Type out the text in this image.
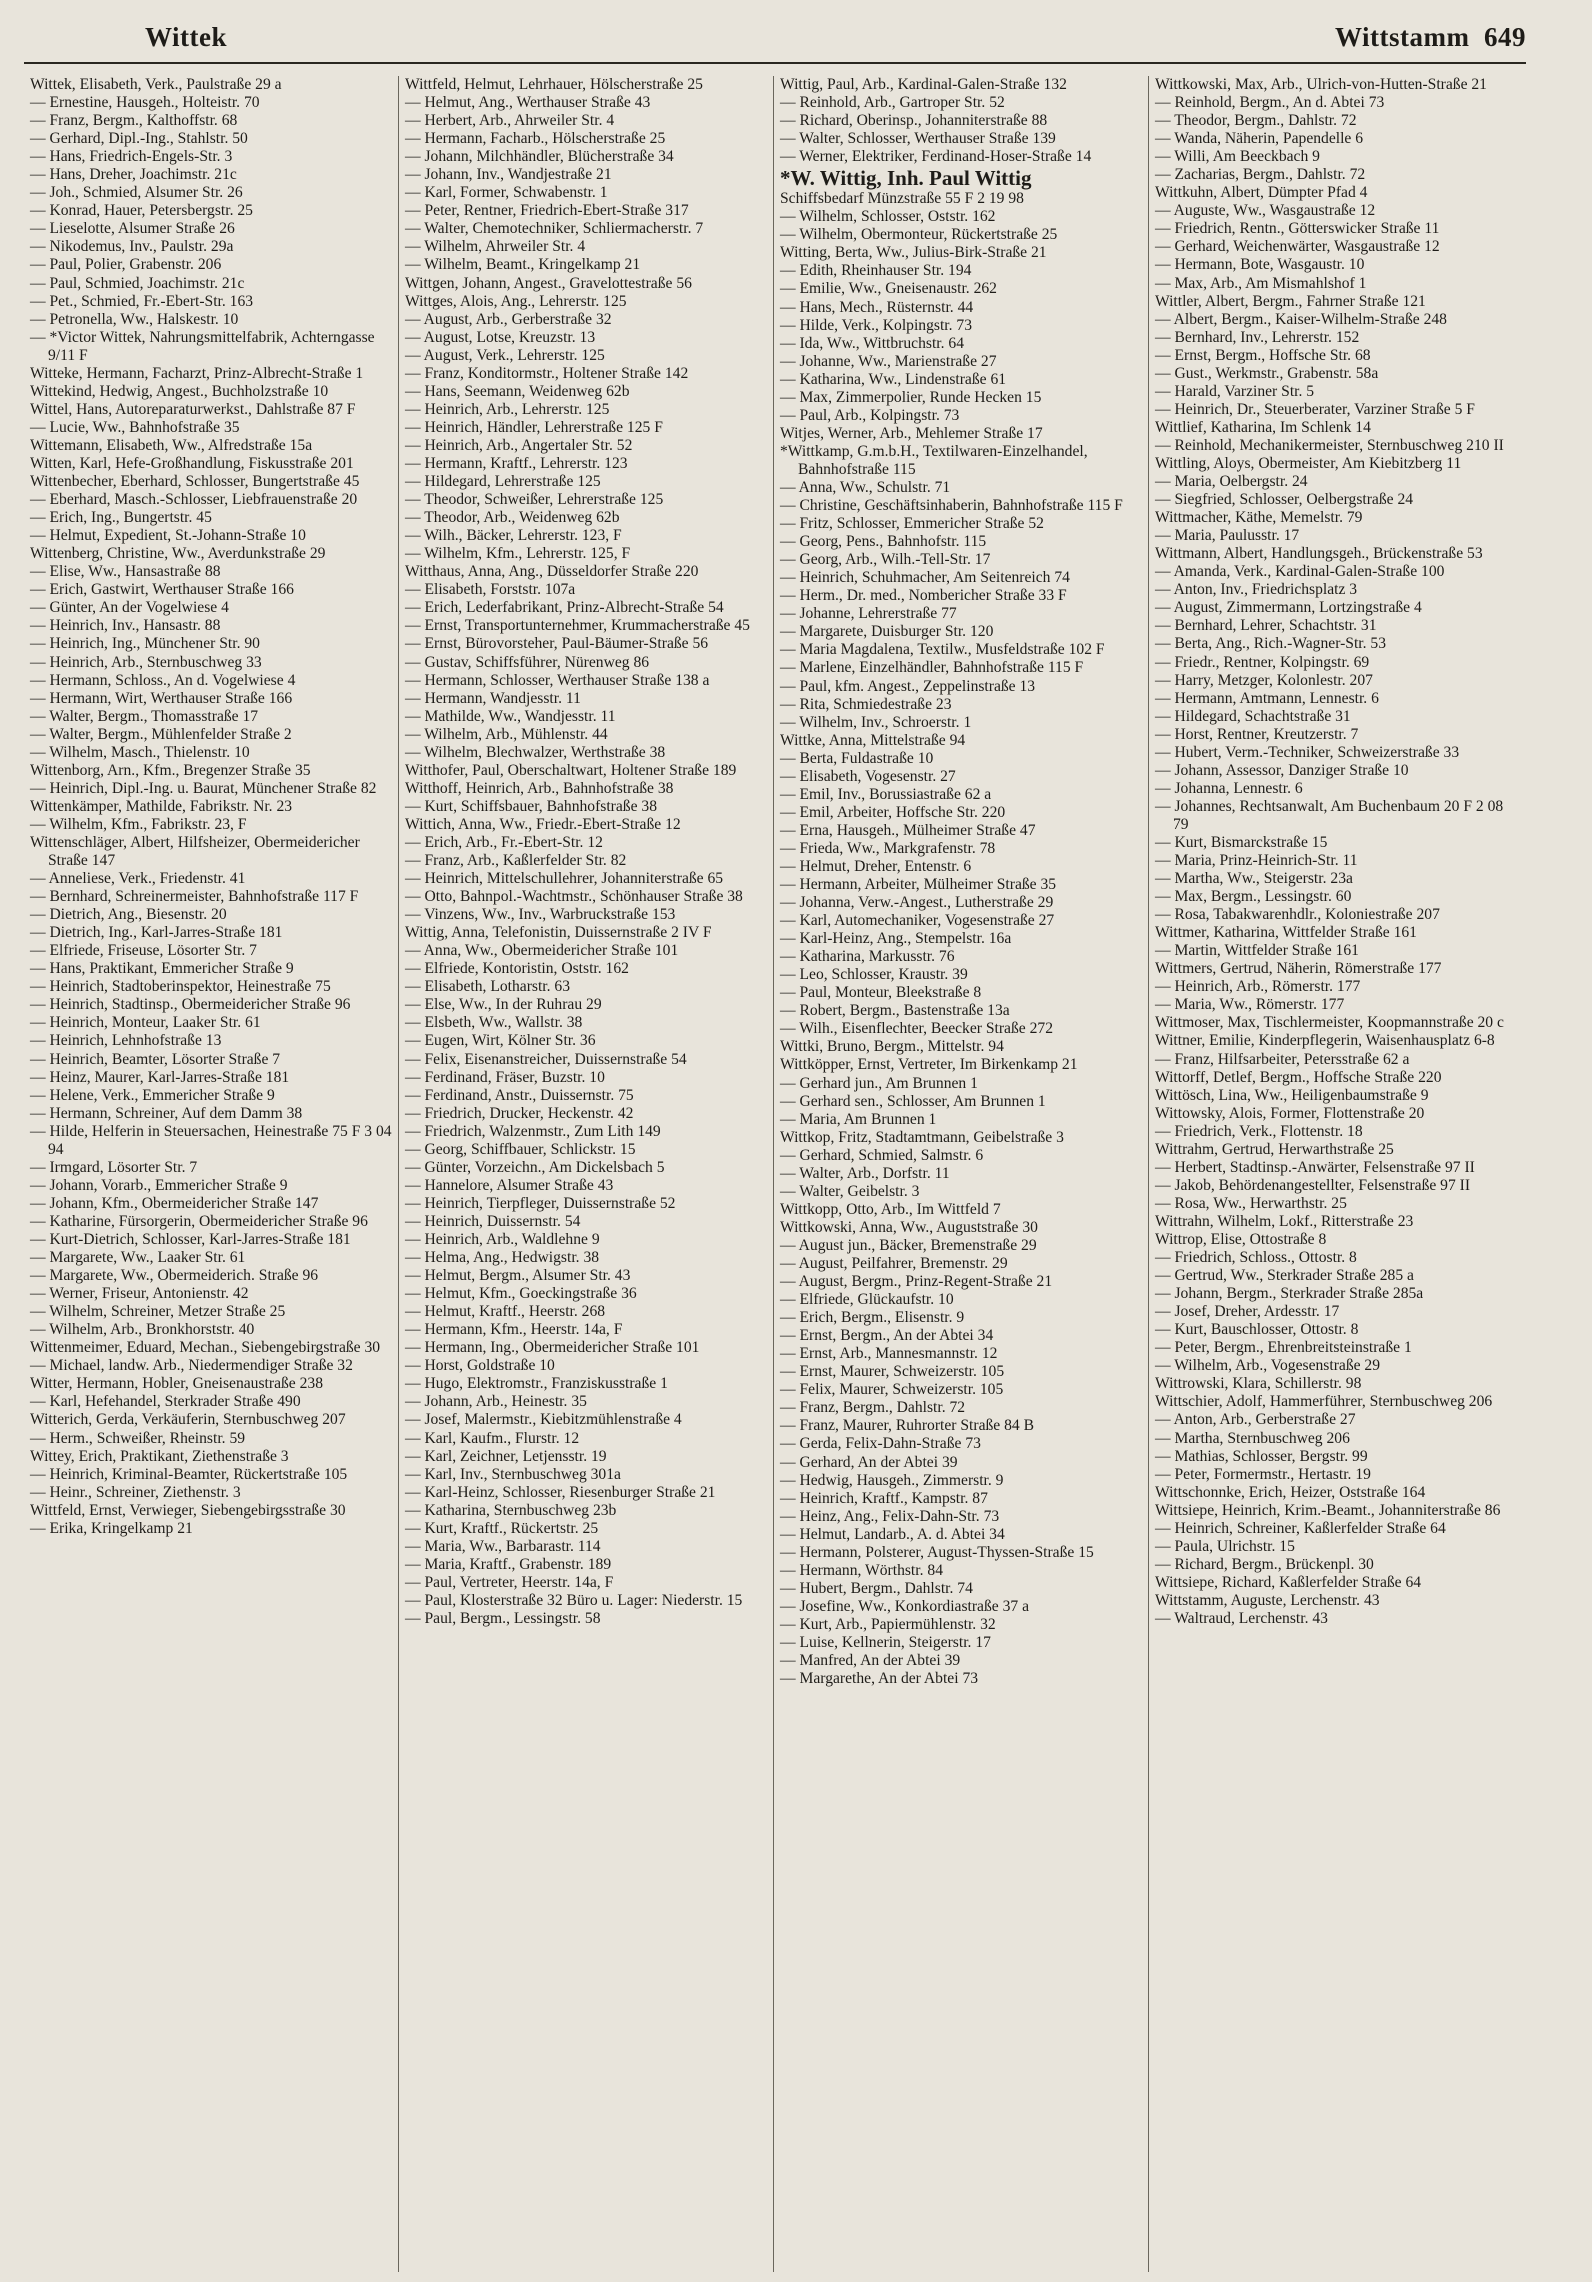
Wittek	Wittstamm 649

Wittek, Elisabeth, Verk., Paulstraße 29 a

— Ernestine, Hausgeh., Holteistr. 70

— Franz, Bergm., Kalthoffstr. 68

— Gerhard, Dipl.-Ing., Stahlstr. 50

— Hans, Friedrich-Engels-Str. 3

— Hans, Dreher, Joachimstr. 21c

— Joh., Schmied, Alsumer Str. 26

— Konrad, Hauer, Petersbergstr. 25

— Lieselotte, Alsumer Straße 26

— Nikodemus, Inv., Paulstr. 29a

— Paul, Polier, Grabenstr. 206

— Paul, Schmied, Joachimstr. 21c

— Pet., Schmied, Fr.-Ebert-Str. 163

— Petronella, Ww., Halskestr. 10

— *Victor Wittek, Nahrungsmittelfabrik, Achterngasse 9/11 F

Witteke, Hermann, Facharzt, Prinz-Albrecht-Straße 1

Wittekind, Hedwig, Angest., Buchholzstraße 10

Wittel, Hans, Autoreparaturwerkst., Dahlstraße 87 F

— Lucie, Ww., Bahnhofstraße 35

Wittemann, Elisabeth, Ww., Alfredstraße 15a

Witten, Karl, Hefe-Großhandlung, Fiskusstraße 201

Wittenbecher, Eberhard, Schlosser, Bungertstraße 45

— Eberhard, Masch.-Schlosser, Liebfrauenstraße 20

— Erich, Ing., Bungertstr. 45

— Helmut, Expedient, St.-Johann-Straße 10

Wittenberg, Christine, Ww., Averdunkstraße 29

— Elise, Ww., Hansastraße 88

— Erich, Gastwirt, Werthauser Straße 166

— Günter, An der Vogelwiese 4

— Heinrich, Inv., Hansastr. 88

— Heinrich, Ing., Münchener Str. 90

— Heinrich, Arb., Sternbuschweg 33

— Hermann, Schloss., An d. Vogelwiese 4

— Hermann, Wirt, Werthauser Straße 166

— Walter, Bergm., Thomasstraße 17

— Walter, Bergm., Mühlenfelder Straße 2

— Wilhelm, Masch., Thielenstr. 10

Wittenborg, Arn., Kfm., Bregenzer Straße 35

— Heinrich, Dipl.-Ing. u. Baurat, Münchener Straße 82

Wittenkämper, Mathilde, Fabrikstr. Nr. 23

— Wilhelm, Kfm., Fabrikstr. 23, F

Wittenschläger, Albert, Hilfsheizer, Obermeidericher Straße 147

— Anneliese, Verk., Friedenstr. 41

— Bernhard, Schreinermeister, Bahnhofstraße 117 F

— Dietrich, Ang., Biesenstr. 20

— Dietrich, Ing., Karl-Jarres-Straße 181

— Elfriede, Friseuse, Lösorter Str. 7

— Hans, Praktikant, Emmericher Straße 9

— Heinrich, Stadtoberinspektor, Heinestraße 75

— Heinrich, Stadtinsp., Obermeidericher Straße 96

— Heinrich, Monteur, Laaker Str. 61

— Heinrich, Lehnhofstraße 13

— Heinrich, Beamter, Lösorter Straße 7

— Heinz, Maurer, Karl-Jarres-Straße 181

— Helene, Verk., Emmericher Straße 9

— Hermann, Schreiner, Auf dem Damm 38

— Hilde, Helferin in Steuersachen, Heinestraße 75 F 3 04 94

— Irmgard, Lösorter Str. 7

— Johann, Vorarb., Emmericher Straße 9

— Johann, Kfm., Obermeidericher Straße 147

— Katharine, Fürsorgerin, Obermeidericher Straße 96

— Kurt-Dietrich, Schlosser, Karl-Jarres-Straße 181

— Margarete, Ww., Laaker Str. 61

— Margarete, Ww., Obermeiderich. Straße 96

— Werner, Friseur, Antonienstr. 42

— Wilhelm, Schreiner, Metzer Straße 25

— Wilhelm, Arb., Bronkhorststr. 40

Wittenmeimer, Eduard, Mechan., Siebengebirgstraße 30

— Michael, landw. Arb., Niedermendiger Straße 32

Witter, Hermann, Hobler, Gneisenaustraße 238

— Karl, Hefehandel, Sterkrader Straße 490

Witterich, Gerda, Verkäuferin, Sternbuschweg 207

— Herm., Schweißer, Rheinstr. 59

Wittey, Erich, Praktikant, Ziethenstraße 3

— Heinrich, Kriminal-Beamter, Rückertstraße 105

— Heinr., Schreiner, Ziethenstr. 3

Wittfeld, Ernst, Verwieger, Siebengebirgsstraße 30

— Erika, Kringelkamp 21

Wittfeld, Helmut, Lehrhauer, Hölscherstraße 25

— Helmut, Ang., Werthauser Straße 43

— Herbert, Arb., Ahrweiler Str. 4

— Hermann, Facharb., Hölscherstraße 25

— Johann, Milchhändler, Blücherstraße 34

— Johann, Inv., Wandjestraße 21

— Karl, Former, Schwabenstr. 1

— Peter, Rentner, Friedrich-Ebert-Straße 317

— Walter, Chemotechniker, Schliermacherstr. 7

— Wilhelm, Ahrweiler Str. 4

— Wilhelm, Beamt., Kringelkamp 21

Wittgen, Johann, Angest., Gravelottestraße 56

Wittges, Alois, Ang., Lehrerstr. 125

— August, Arb., Gerberstraße 32

— August, Lotse, Kreuzstr. 13

— August, Verk., Lehrerstr. 125

— Franz, Konditormstr., Holtener Straße 142

— Hans, Seemann, Weidenweg 62b

— Heinrich, Arb., Lehrerstr. 125

— Heinrich, Händler, Lehrerstraße 125 F

— Heinrich, Arb., Angertaler Str. 52

— Hermann, Kraftf., Lehrerstr. 123

— Hildegard, Lehrerstraße 125

— Theodor, Schweißer, Lehrerstraße 125

— Theodor, Arb., Weidenweg 62b

— Wilh., Bäcker, Lehrerstr. 123, F

— Wilhelm, Kfm., Lehrerstr. 125, F

Witthaus, Anna, Ang., Düsseldorfer Straße 220

— Elisabeth, Forststr. 107a

— Erich, Lederfabrikant, Prinz-Albrecht-Straße 54

— Ernst, Transportunternehmer, Krummacherstraße 45

— Ernst, Bürovorsteher, Paul-Bäumer-Straße 56

— Gustav, Schiffsführer, Nürenweg 86

— Hermann, Schlosser, Werthauser Straße 138 a

— Hermann, Wandjesstr. 11

— Mathilde, Ww., Wandjesstr. 11

— Wilhelm, Arb., Mühlenstr. 44

— Wilhelm, Blechwalzer, Werthstraße 38

Witthofer, Paul, Oberschaltwart, Holtener Straße 189

Witthoff, Heinrich, Arb., Bahnhofstraße 38

— Kurt, Schiffsbauer, Bahnhofstraße 38

Wittich, Anna, Ww., Friedr.-Ebert-Straße 12

— Erich, Arb., Fr.-Ebert-Str. 12

— Franz, Arb., Kaßlerfelder Str. 82

— Heinrich, Mittelschullehrer, Johanniterstraße 65

— Otto, Bahnpol.-Wachtmstr., Schönhauser Straße 38

— Vinzens, Ww., Inv., Warbruckstraße 153

Wittig, Anna, Telefonistin, Duissernstraße 2 IV F

— Anna, Ww., Obermeidericher Straße 101

— Elfriede, Kontoristin, Oststr. 162

— Elisabeth, Lotharstr. 63

— Else, Ww., In der Ruhrau 29

— Elsbeth, Ww., Wallstr. 38

— Eugen, Wirt, Kölner Str. 36

— Felix, Eisenanstreicher, Duissernstraße 54

— Ferdinand, Fräser, Buzstr. 10

— Ferdinand, Anstr., Duissernstr. 75

— Friedrich, Drucker, Heckenstr. 42

— Friedrich, Walzenmstr., Zum Lith 149

— Georg, Schiffbauer, Schlickstr. 15

— Günter, Vorzeichn., Am Dickelsbach 5

— Hannelore, Alsumer Straße 43

— Heinrich, Tierpfleger, Duissernstraße 52

— Heinrich, Duissernstr. 54

— Heinrich, Arb., Waldlehne 9

— Helma, Ang., Hedwigstr. 38

— Helmut, Bergm., Alsumer Str. 43

— Helmut, Kfm., Goeckingstraße 36

— Helmut, Kraftf., Heerstr. 268

— Hermann, Kfm., Heerstr. 14a, F

— Hermann, Ing., Obermeidericher Straße 101

— Horst, Goldstraße 10

— Hugo, Elektromstr., Franziskusstraße 1

— Johann, Arb., Heinestr. 35

— Josef, Malermstr., Kiebitzmühlenstraße 4

— Karl, Kaufm., Flurstr. 12

— Karl, Zeichner, Letjensstr. 19

— Karl, Inv., Sternbuschweg 301a

— Karl-Heinz, Schlosser, Riesenburger Straße 21

— Katharina, Sternbuschweg 23b

— Kurt, Kraftf., Rückertstr. 25

— Maria, Ww., Barbarastr. 114

— Maria, Kraftf., Grabenstr. 189

— Paul, Vertreter, Heerstr. 14a, F

— Paul, Klosterstraße 32 Büro u. Lager: Niederstr. 15

— Paul, Bergm., Lessingstr. 58

Wittig, Paul, Arb., Kardinal-Galen-Straße 132

— Reinhold, Arb., Gartroper Str. 52

— Richard, Oberinsp., Johanniterstraße 88

— Walter, Schlosser, Werthauser Straße 139

— Werner, Elektriker, Ferdinand-Hoser-Straße 14

*W. Wittig, Inh. Paul Wittig

Schiffsbedarf Münzstraße 55 F 2 19 98

— Wilhelm, Schlosser, Oststr. 162

— Wilhelm, Obermonteur, Rückertstraße 25

Witting, Berta, Ww., Julius-Birk-Straße 21

— Edith, Rheinhauser Str. 194

— Emilie, Ww., Gneisenaustr. 262

— Hans, Mech., Rüsternstr. 44

— Hilde, Verk., Kolpingstr. 73

— Ida, Ww., Wittbruchstr. 64

— Johanne, Ww., Marienstraße 27

— Katharina, Ww., Lindenstraße 61

— Max, Zimmerpolier, Runde Hecken 15

— Paul, Arb., Kolpingstr. 73

Witjes, Werner, Arb., Mehlemer Straße 17

*Wittkamp, G.m.b.H., Textilwaren-Einzelhandel, Bahnhofstraße 115

— Anna, Ww., Schulstr. 71

— Christine, Geschäftsinhaberin, Bahnhofstraße 115 F

— Fritz, Schlosser, Emmericher Straße 52

— Georg, Pens., Bahnhofstr. 115

— Georg, Arb., Wilh.-Tell-Str. 17

— Heinrich, Schuhmacher, Am Seitenreich 74

— Herm., Dr. med., Nombericher Straße 33 F

— Johanne, Lehrerstraße 77

— Margarete, Duisburger Str. 120

— Maria Magdalena, Textilw., Musfeldstraße 102 F

— Marlene, Einzelhändler, Bahnhofstraße 115 F

— Paul, kfm. Angest., Zeppelinstraße 13

— Rita, Schmiedestraße 23

— Wilhelm, Inv., Schroerstr. 1

Wittke, Anna, Mittelstraße 94

— Berta, Fuldastraße 10

— Elisabeth, Vogesenstr. 27

— Emil, Inv., Borussiastraße 62 a

— Emil, Arbeiter, Hoffsche Str. 220

— Erna, Hausgeh., Mülheimer Straße 47

— Frieda, Ww., Markgrafenstr. 78

— Helmut, Dreher, Entenstr. 6

— Hermann, Arbeiter, Mülheimer Straße 35

— Johanna, Verw.-Angest., Lutherstraße 29

— Karl, Automechaniker, Vogesenstraße 27

— Karl-Heinz, Ang., Stempelstr. 16a

— Katharina, Markusstr. 76

— Leo, Schlosser, Kraustr. 39

— Paul, Monteur, Bleekstraße 8

— Robert, Bergm., Bastenstraße 13a

— Wilh., Eisenflechter, Beecker Straße 272

Wittki, Bruno, Bergm., Mittelstr. 94

Wittköpper, Ernst, Vertreter, Im Birkenkamp 21

— Gerhard jun., Am Brunnen 1

— Gerhard sen., Schlosser, Am Brunnen 1

— Maria, Am Brunnen 1

Wittkop, Fritz, Stadtamtmann, Geibelstraße 3

— Gerhard, Schmied, Salmstr. 6

— Walter, Arb., Dorfstr. 11

— Walter, Geibelstr. 3

Wittkopp, Otto, Arb., Im Wittfeld 7

Wittkowski, Anna, Ww., Auguststraße 30

— August jun., Bäcker, Bremenstraße 29

— August, Peilfahrer, Bremenstr. 29

— August, Bergm., Prinz-Regent-Straße 21

— Elfriede, Glückaufstr. 10

— Erich, Bergm., Elisenstr. 9

— Ernst, Bergm., An der Abtei 34

— Ernst, Arb., Mannesmannstr. 12

— Ernst, Maurer, Schweizerstr. 105

— Felix, Maurer, Schweizerstr. 105

— Franz, Bergm., Dahlstr. 72

— Franz, Maurer, Ruhrorter Straße 84 B

— Gerda, Felix-Dahn-Straße 73

— Gerhard, An der Abtei 39

— Hedwig, Hausgeh., Zimmerstr. 9

— Heinrich, Kraftf., Kampstr. 87

— Heinz, Ang., Felix-Dahn-Str. 73

— Helmut, Landarb., A. d. Abtei 34

— Hermann, Polsterer, August-Thyssen-Straße 15

— Hermann, Wörthstr. 84

— Hubert, Bergm., Dahlstr. 74

— Josefine, Ww., Konkordiastraße 37 a

— Kurt, Arb., Papiermühlenstr. 32

— Luise, Kellnerin, Steigerstr. 17

— Manfred, An der Abtei 39

— Margarethe, An der Abtei 73

Wittkowski, Max, Arb., Ulrich-von-Hutten-Straße 21

— Reinhold, Bergm., An d. Abtei 73

— Theodor, Bergm., Dahlstr. 72

— Wanda, Näherin, Papendelle 6

— Willi, Am Beeckbach 9

— Zacharias, Bergm., Dahlstr. 72

Wittkuhn, Albert, Dümpter Pfad 4

— Auguste, Ww., Wasgaustraße 12

— Friedrich, Rentn., Götterswicker Straße 11

— Gerhard, Weichenwärter, Wasgaustraße 12

— Hermann, Bote, Wasgaustr. 10

— Max, Arb., Am Mismahlshof 1

Wittler, Albert, Bergm., Fahrner Straße 121

— Albert, Bergm., Kaiser-Wilhelm-Straße 248

— Bernhard, Inv., Lehrerstr. 152

— Ernst, Bergm., Hoffsche Str. 68

— Gust., Werkmstr., Grabenstr. 58a

— Harald, Varziner Str. 5

— Heinrich, Dr., Steuerberater, Varziner Straße 5 F

Wittlief, Katharina, Im Schlenk 14

— Reinhold, Mechanikermeister, Sternbuschweg 210 II

Wittling, Aloys, Obermeister, Am Kiebitzberg 11

— Maria, Oelbergstr. 24

— Siegfried, Schlosser, Oelbergstraße 24

Wittmacher, Käthe, Memelstr. 79

— Maria, Paulusstr. 17

Wittmann, Albert, Handlungsgeh., Brückenstraße 53

— Amanda, Verk., Kardinal-Galen-Straße 100

— Anton, Inv., Friedrichsplatz 3

— August, Zimmermann, Lortzingstraße 4

— Bernhard, Lehrer, Schachtstr. 31

— Berta, Ang., Rich.-Wagner-Str. 53

— Friedr., Rentner, Kolpingstr. 69

— Harry, Metzger, Kolonlestr. 207

— Hermann, Amtmann, Lennestr. 6

— Hildegard, Schachtstraße 31

— Horst, Rentner, Kreutzerstr. 7

— Hubert, Verm.-Techniker, Schweizerstraße 33

— Johann, Assessor, Danziger Straße 10

— Johanna, Lennestr. 6

— Johannes, Rechtsanwalt, Am Buchenbaum 20 F 2 08 79

— Kurt, Bismarckstraße 15

— Maria, Prinz-Heinrich-Str. 11

— Martha, Ww., Steigerstr. 23a

— Max, Bergm., Lessingstr. 60

— Rosa, Tabakwarenhdlr., Koloniestraße 207

Wittmer, Katharina, Wittfelder Straße 161

— Martin, Wittfelder Straße 161

Wittmers, Gertrud, Näherin, Römerstraße 177

— Heinrich, Arb., Römerstr. 177

— Maria, Ww., Römerstr. 177

Wittmoser, Max, Tischlermeister, Koopmannstraße 20 c

Wittner, Emilie, Kinderpflegerin, Waisenhausplatz 6-8

— Franz, Hilfsarbeiter, Petersstraße 62 a

Wittorff, Detlef, Bergm., Hoffsche Straße 220

Wittösch, Lina, Ww., Heiligenbaumstraße 9

Wittowsky, Alois, Former, Flottenstraße 20

— Friedrich, Verk., Flottenstr. 18

Wittrahm, Gertrud, Herwarthstraße 25

— Herbert, Stadtinsp.-Anwärter, Felsenstraße 97 II

— Jakob, Behördenangestellter, Felsenstraße 97 II

— Rosa, Ww., Herwarthstr. 25

Wittrahn, Wilhelm, Lokf., Ritterstraße 23

Wittrop, Elise, Ottostraße 8

— Friedrich, Schloss., Ottostr. 8

— Gertrud, Ww., Sterkrader Straße 285 a

— Johann, Bergm., Sterkrader Straße 285a

— Josef, Dreher, Ardesstr. 17

— Kurt, Bauschlosser, Ottostr. 8

— Peter, Bergm., Ehrenbreitsteinstraße 1

— Wilhelm, Arb., Vogesenstraße 29

Wittrowski, Klara, Schillerstr. 98

Wittschier, Adolf, Hammerführer, Sternbuschweg 206

— Anton, Arb., Gerberstraße 27

— Martha, Sternbuschweg 206

— Mathias, Schlosser, Bergstr. 99

— Peter, Formermstr., Hertastr. 19

Wittschonnke, Erich, Heizer, Oststraße 164

Wittsiepe, Heinrich, Krim.-Beamt., Johanniterstraße 86

— Heinrich, Schreiner, Kaßlerfelder Straße 64

— Paula, Ulrichstr. 15

— Richard, Bergm., Brückenpl. 30

Wittsiepe, Richard, Kaßlerfelder Straße 64

Wittstamm, Auguste, Lerchenstr. 43

— Waltraud, Lerchenstr. 43
